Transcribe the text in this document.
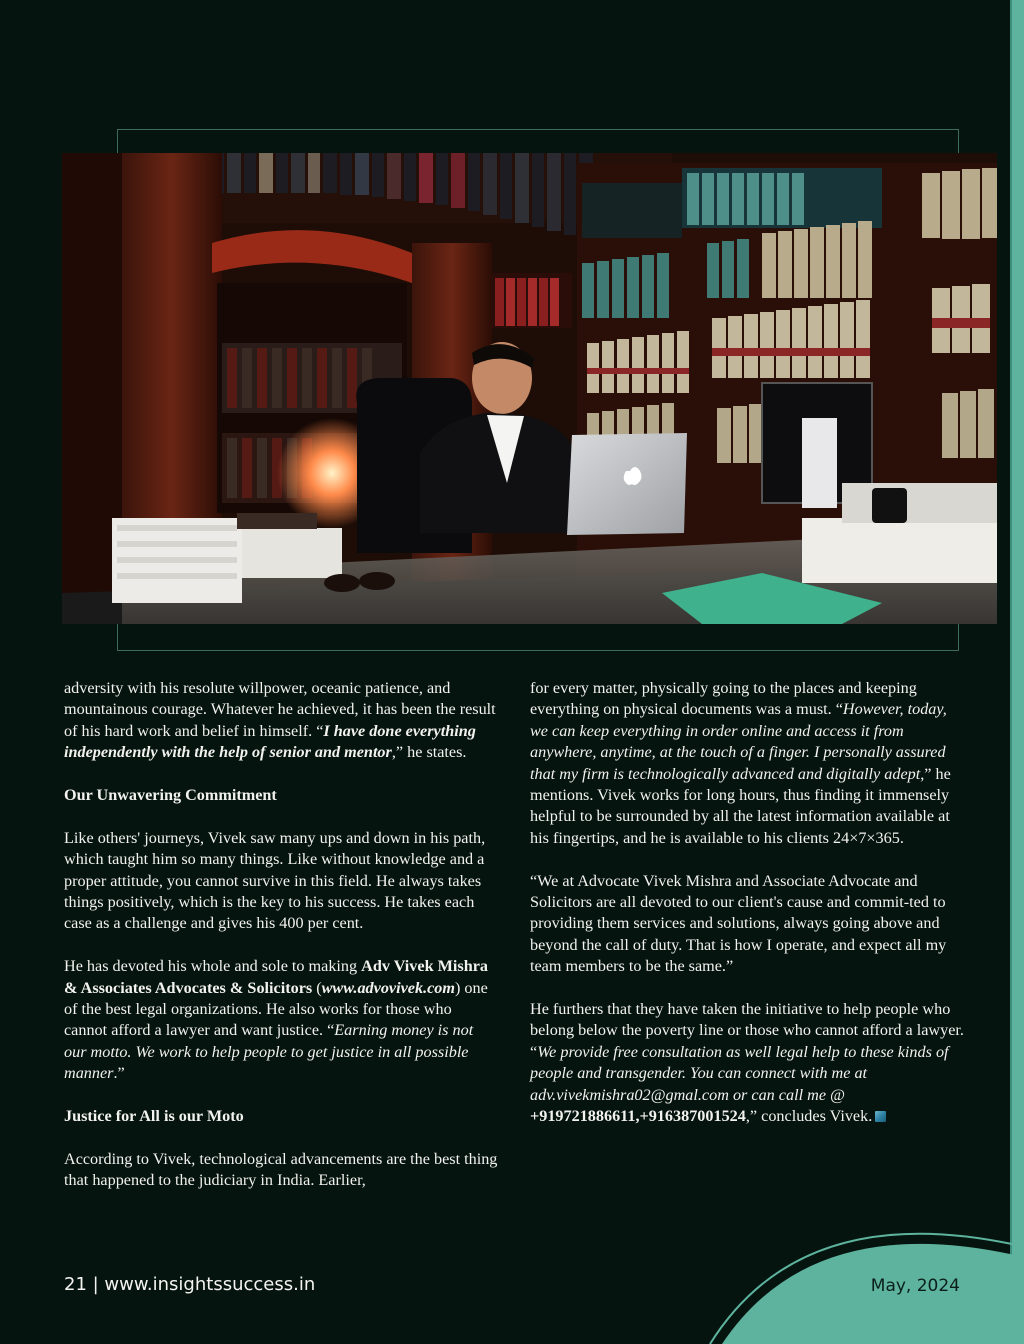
adversity with his resolute willpower, oceanic patience, and mountainous courage. Whatever he achieved, it has been the result of his hard work and belief in himself. “I have done everything independently with the help of senior and mentor,” he states.

Our Unwavering Commitment

Like others' journeys, Vivek saw many ups and down in his path, which taught him so many things. Like without knowledge and a proper attitude, you cannot survive in this field. He always takes things positively, which is the key to his success. He takes each case as a challenge and gives his 400 per cent.

He has devoted his whole and sole to making Adv Vivek Mishra & Associates Advocates & Solicitors (www.advovivek.com) one of the best legal organizations. He also works for those who cannot afford a lawyer and want justice. “Earning money is not our motto. We work to help people to get justice in all possible manner.”

Justice for All is our Moto

According to Vivek, technological advancements are the best thing that happened to the judiciary in India. Earlier,

for every matter, physically going to the places and keeping everything on physical documents was a must. “However, today, we can keep everything in order online and access it from anywhere, anytime, at the touch of a finger. I personally assured that my firm is technologically advanced and digitally adept,” he mentions. Vivek works for long hours, thus finding it immensely helpful to be surrounded by all the latest information available at his fingertips, and he is available to his clients 24×7×365.

“We at Advocate Vivek Mishra and Associate Advocate and Solicitors are all devoted to our client's cause and commit-ted to providing them services and solutions, always going above and beyond the call of duty. That is how I operate, and expect all my team members to be the same.”

He furthers that they have taken the initiative to help people who belong below the poverty line or those who cannot afford a lawyer. “We provide free consultation as well legal help to these kinds of people and transgender. You can connect with me at adv.vivekmishra02@gmal.com or can call me @ +919721886611,+916387001524,” concludes Vivek.

21 | www.insightssuccess.in	May, 2024
